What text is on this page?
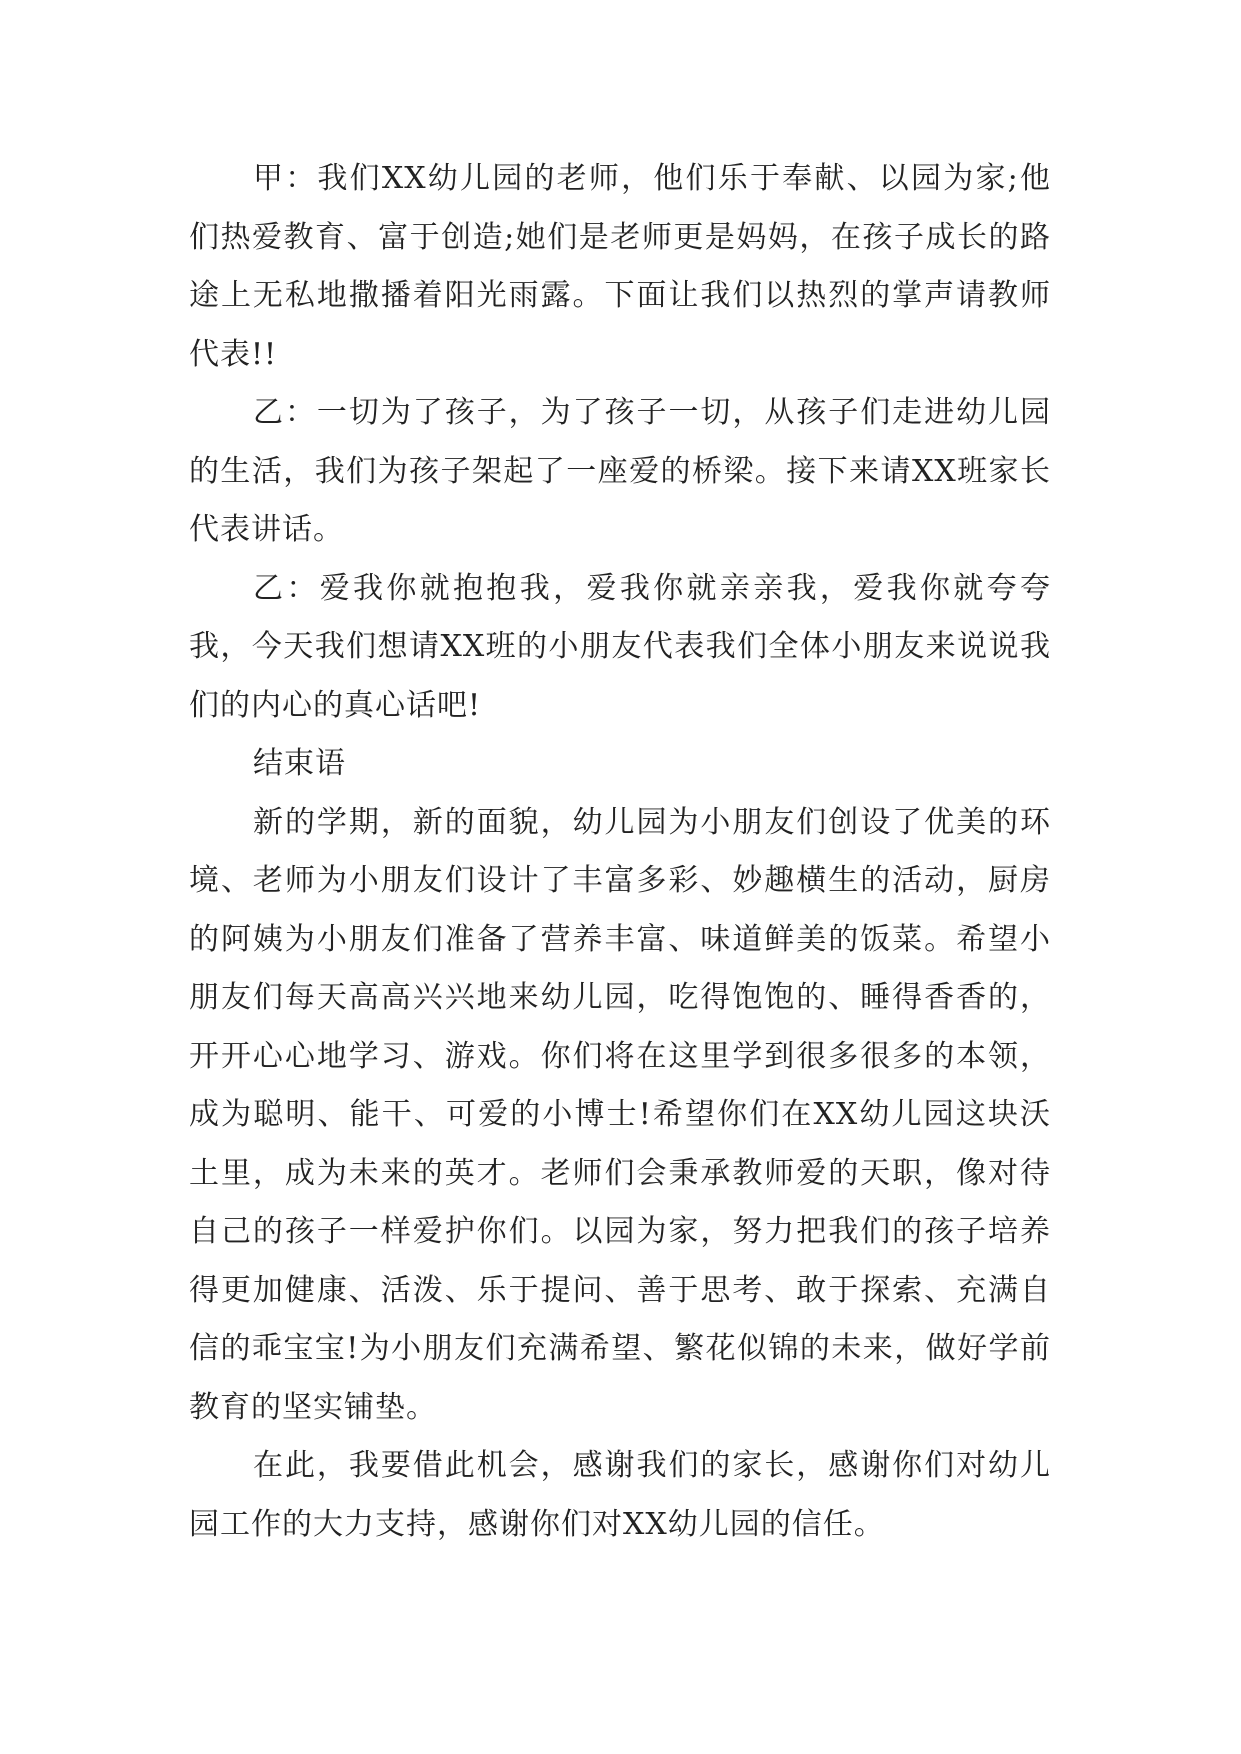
甲：我们XX幼儿园的老师，他们乐于奉献、以园为家;他们热爱教育、富于创造;她们是老师更是妈妈，在孩子成长的路途上无私地撒播着阳光雨露。下面让我们以热烈的掌声请教师代表!!

乙：一切为了孩子，为了孩子一切，从孩子们走进幼儿园的生活，我们为孩子架起了一座爱的桥梁。接下来请XX班家长代表讲话。

乙：爱我你就抱抱我，爱我你就亲亲我，爱我你就夸夸我，今天我们想请XX班的小朋友代表我们全体小朋友来说说我们的内心的真心话吧!

结束语

新的学期，新的面貌，幼儿园为小朋友们创设了优美的环境、老师为小朋友们设计了丰富多彩、妙趣横生的活动，厨房的阿姨为小朋友们准备了营养丰富、味道鲜美的饭菜。希望小朋友们每天高高兴兴地来幼儿园，吃得饱饱的、睡得香香的，开开心心地学习、游戏。你们将在这里学到很多很多的本领，成为聪明、能干、可爱的小博士!希望你们在XX幼儿园这块沃土里，成为未来的英才。老师们会秉承教师爱的天职，像对待自己的孩子一样爱护你们。以园为家，努力把我们的孩子培养得更加健康、活泼、乐于提问、善于思考、敢于探索、充满自信的乖宝宝!为小朋友们充满希望、繁花似锦的未来，做好学前教育的坚实铺垫。

在此，我要借此机会，感谢我们的家长，感谢你们对幼儿园工作的大力支持，感谢你们对XX幼儿园的信任。
